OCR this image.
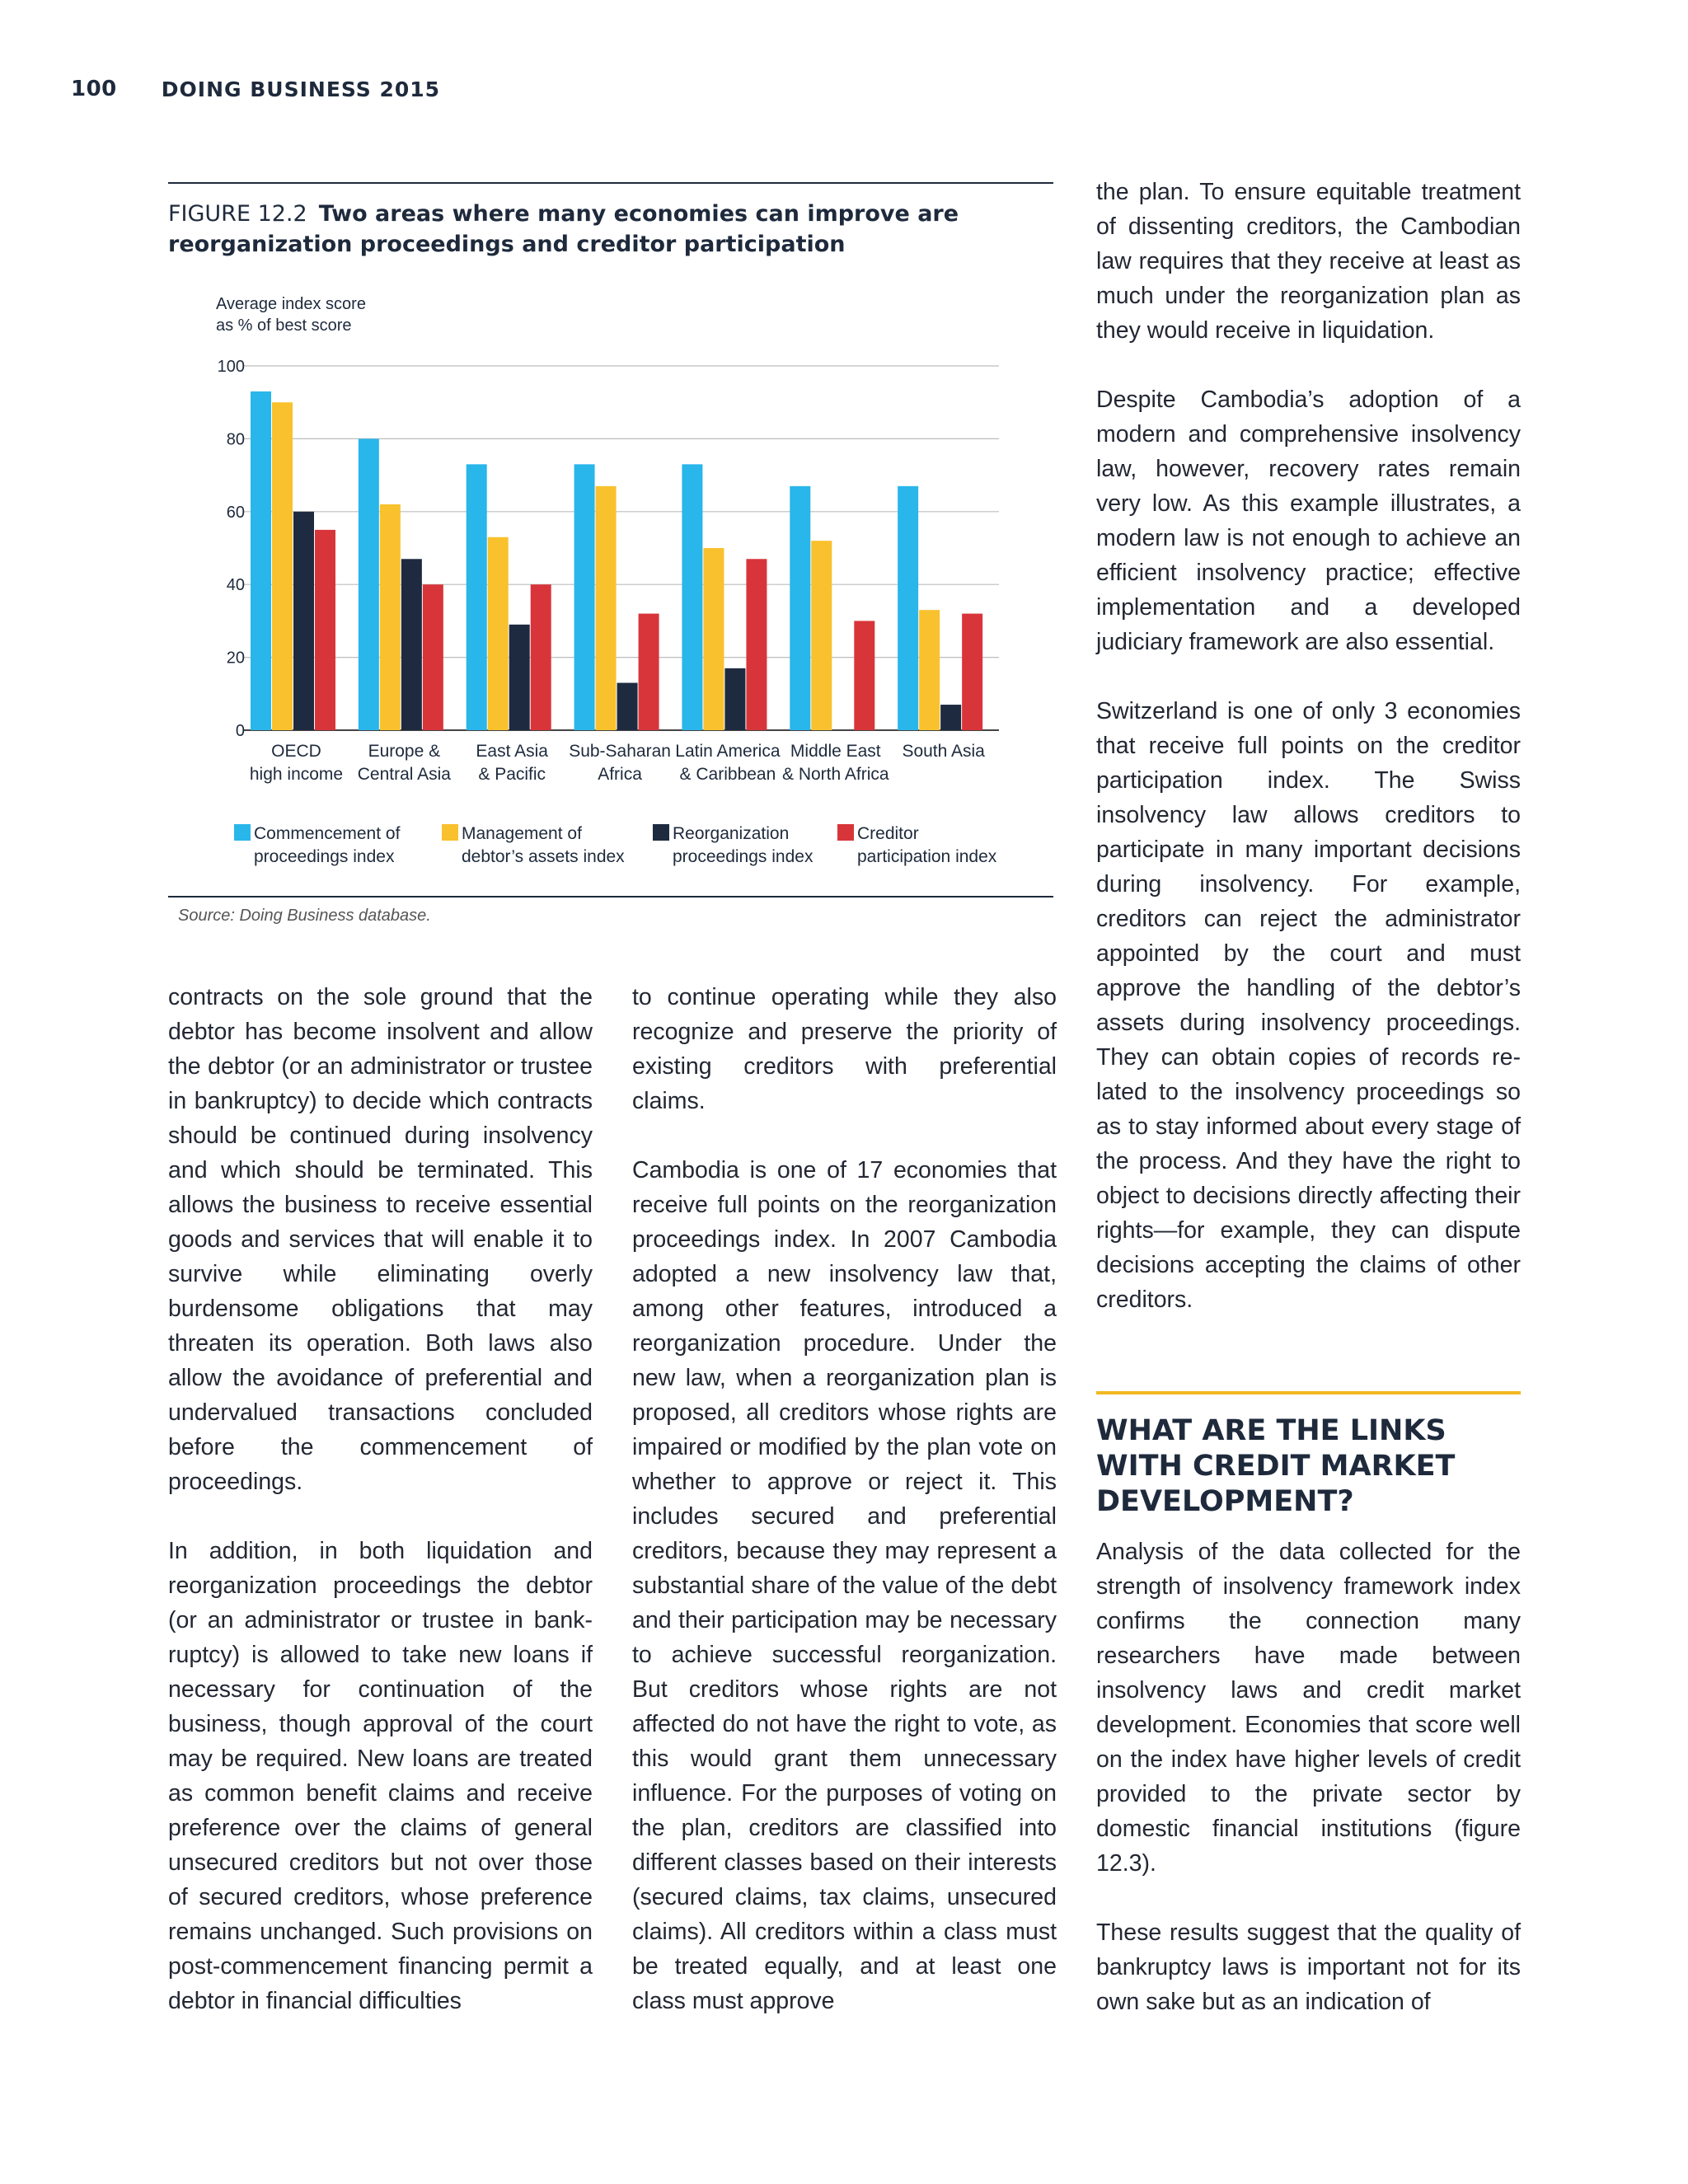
100 DOING BUSINESS 2015
FIGURE 12.2 Two areas where many economies can improve are reorganization proceedings and creditor participation
Average index score
as % of best score
0
20
40
60
80
100
OECD
high income
Europe &
Central Asia
East Asia
& Pacific
Sub-Saharan
Africa
Latin America
& Caribbean
Middle East
& North Africa
South Asia
Commencement of
proceedings index
Management of
debtor’s assets index
Reorganization
proceedings index
Creditor
participation index
Source: Doing Business database.

contracts on the sole ground that the debtor has become insolvent and allow the debtor (or an administrator or trustee in bankruptcy) to decide which contracts should be continued during insolvency and which should be terminated. This allows the business to receive essential goods and services that will enable it to survive while eliminating overly burdensome obligations that may threaten its operation. Both laws also allow the avoidance of preferential and undervalued transactions concluded before the commencement of proceedings.

In addition, in both liquidation and reorganization proceedings the debtor (or an administrator or trustee in bankruptcy) is allowed to take new loans if necessary for continuation of the business, though approval of the court may be required. New loans are treated as common benefit claims and receive preference over the claims of general unsecured creditors but not over those of secured creditors, whose preference remains unchanged. Such provisions on post-commencement financing permit a debtor in financial difficulties

to continue operating while they also recognize and preserve the priority of existing creditors with preferential claims.

Cambodia is one of 17 economies that receive full points on the reorganization proceedings index. In 2007 Cambodia adopted a new insolvency law that, among other features, introduced a reorganization procedure. Under the new law, when a reorganization plan is proposed, all creditors whose rights are impaired or modified by the plan vote on whether to approve or reject it. This includes secured and preferential creditors, because they may represent a substantial share of the value of the debt and their participation may be necessary to achieve successful reorganization. But creditors whose rights are not affected do not have the right to vote, as this would grant them unnecessary influence. For the purposes of voting on the plan, creditors are classified into different classes based on their interests (secured claims, tax claims, unsecured claims). All creditors within a class must be treated equally, and at least one class must approve

the plan. To ensure equitable treatment of dissenting creditors, the Cambodian law requires that they receive at least as much under the reorganization plan as they would receive in liquidation.

Despite Cambodia’s adoption of a modern and comprehensive insolvency law, however, recovery rates remain very low. As this example illustrates, a modern law is not enough to achieve an efficient insolvency practice; effective implementation and a developed judiciary framework are also essential.

Switzerland is one of only 3 economies that receive full points on the creditor participation index. The Swiss insolvency law allows creditors to participate in many important decisions during insolvency. For example, creditors can reject the administrator appointed by the court and must approve the handling of the debtor’s assets during insolvency proceedings. They can obtain copies of records related to the insolvency proceedings so as to stay informed about every stage of the process. And they have the right to object to decisions directly affecting their rights—for example, they can dispute decisions accepting the claims of other creditors.

WHAT ARE THE LINKS WITH CREDIT MARKET DEVELOPMENT?

Analysis of the data collected for the strength of insolvency framework index confirms the connection many researchers have made between insolvency laws and credit market development. Economies that score well on the index have higher levels of credit provided to the private sector by domestic financial institutions (figure 12.3).

These results suggest that the quality of bankruptcy laws is important not for its own sake but as an indication of
